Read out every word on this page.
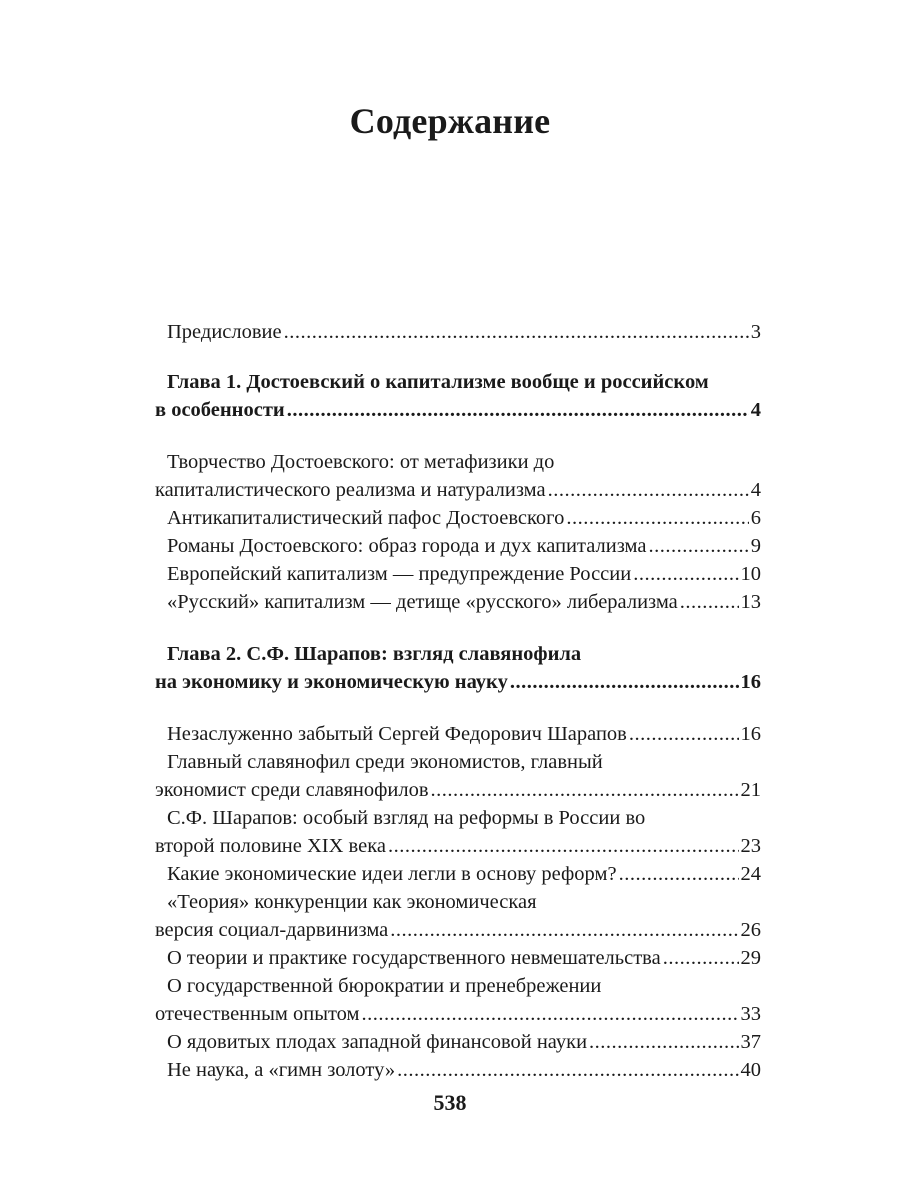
Содержание
Предисловие .....	3
Глава 1. Достоевский о капитализме вообще и российском
в особенности .....	4
Творчество Достоевского: от метафизики до
капиталистического реализма и натурализма .....	4
Антикапиталистический пафос Достоевского .....	6
Романы Достоевского: образ города и дух капитализма .....	9
Европейский капитализм — предупреждение России .....	10
«Русский» капитализм — детище «русского» либерализма .....	13
Глава 2. С.Ф. Шарапов: взгляд славянофила
на экономику и экономическую науку .....	16
Незаслуженно забытый Сергей Федорович Шарапов .....	16
Главный славянофил среди экономистов, главный
экономист среди славянофилов .....	21
С.Ф. Шарапов: особый взгляд на реформы в России во
второй половине XIX века .....	23
Какие экономические идеи легли в основу реформ? .....	24
«Теория» конкуренции как экономическая
версия социал-дарвинизма .....	26
О теории и практике государственного невмешательства .....	29
О государственной бюрократии и пренебрежении
отечественным опытом .....	33
О ядовитых плодах западной финансовой науки .....	37
Не наука, а «гимн золоту» .....	40
538
